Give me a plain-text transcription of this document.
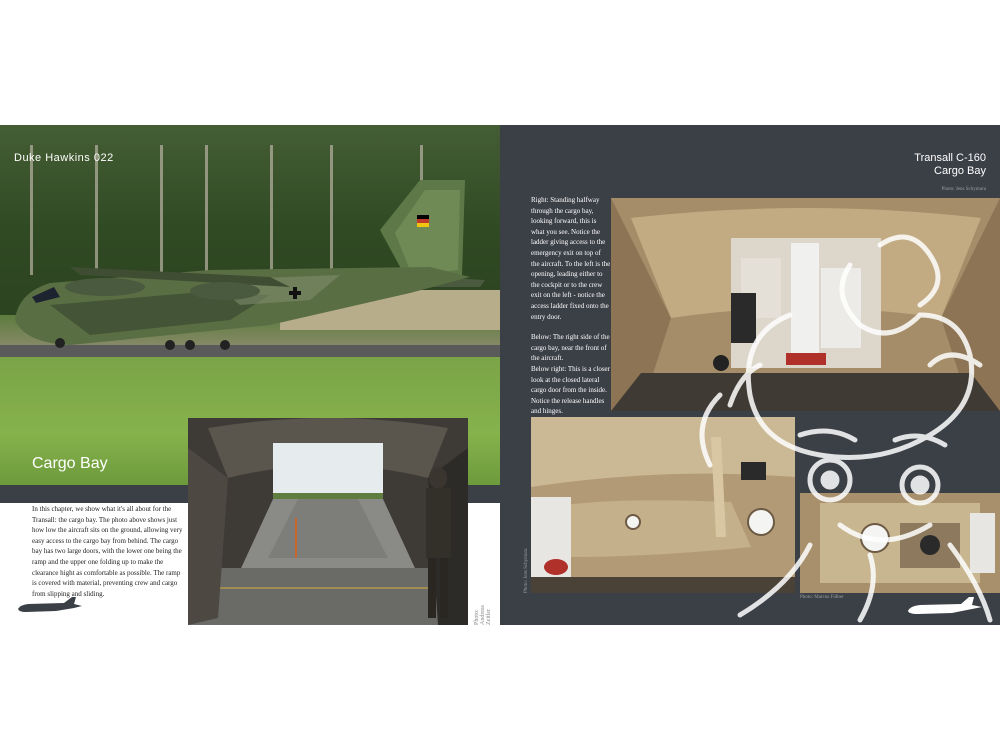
Duke Hawkins 022
Cargo Bay
In this chapter, we show what it's all about for the Transall: the cargo bay. The photo above shows just how low the aircraft sits on the ground, allowing very easy access to the cargo bay from behind. The cargo bay has two large doors, with the lower one being the ramp and the upper one folding up to make the clearance hight as comfortable as possible. The ramp is covered with material, preventing crew and cargo from slipping and sliding.
Photo: Andreas Zeitler
Transall C-160
Cargo Bay
Photo: Jens Schymura

Right: Standing halfway through the cargo bay, looking forward, this is what you see. Notice the ladder giving access to the emergency exit on top of the aircraft. To the left is the opening, leading either to the cockpit or to the crew exit on the left - notice the access ladder fixed onto the entry door.

Below: The right side of the cargo bay, near the front of the aircraft.
Below right: This is a closer look at the closed lateral cargo door from the inside. Notice the release handles and hinges.
Photo: Jens Schymura
Photo: Marcus Fülber
